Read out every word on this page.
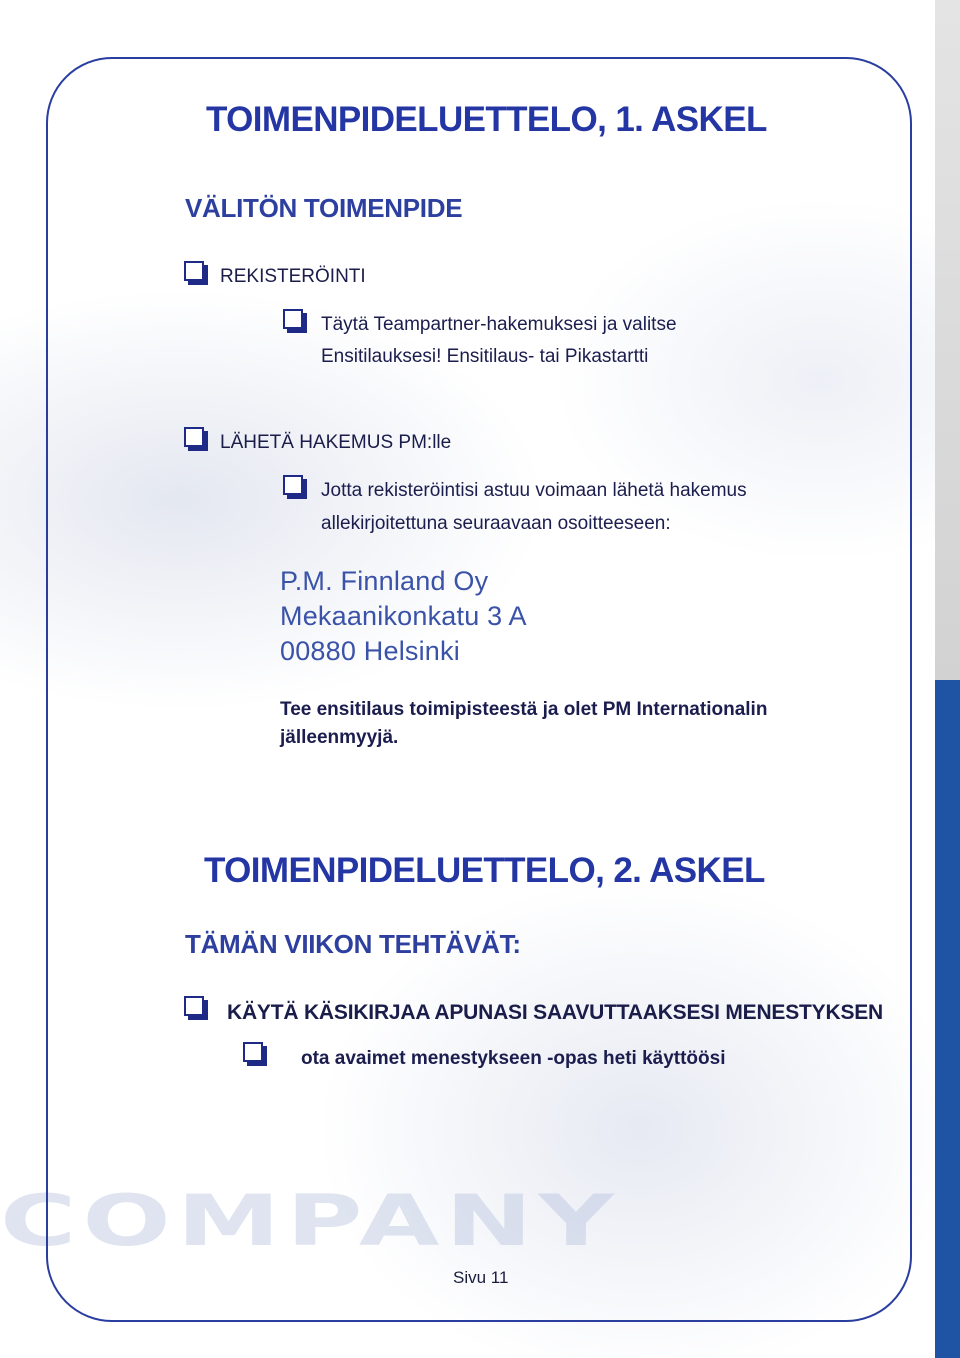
COMPANY
TOIMENPIDELUETTELO, 1. ASKEL
VÄLITÖN TOIMENPIDE
REKISTERÖINTI
Täytä Teampartner-hakemuksesi ja valitse
Ensitilauksesi! Ensitilaus- tai Pikastartti
LÄHETÄ HAKEMUS PM:lle
Jotta rekisteröintisi astuu voimaan lähetä hakemus
allekirjoitettuna seuraavaan osoitteeseen:
P.M. Finnland Oy
Mekaanikonkatu 3 A
00880 Helsinki
Tee ensitilaus toimipisteestä ja olet PM Internationalin
jälleenmyyjä.
TOIMENPIDELUETTELO, 2. ASKEL
TÄMÄN VIIKON TEHTÄVÄT:
KÄYTÄ KÄSIKIRJAA APUNASI SAAVUTTAAKSESI MENESTYKSEN
ota avaimet menestykseen -opas heti käyttöösi
Sivu 11
